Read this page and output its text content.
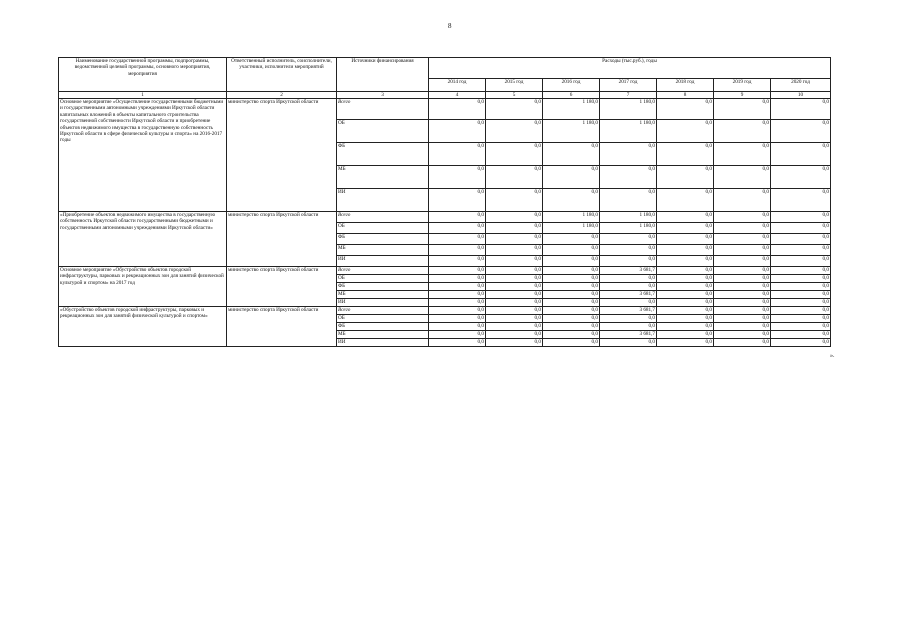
8
Наименование государственной программы, подпрограммы, ведомственной целевой программы, основного мероприятия, мероприятия	Ответственный исполнитель, соисполнители, участники, исполнители мероприятий	Источники финансирования	Расходы (тыс.руб.), годы						
			2014 год	2015 год	2016 год	2017 год	2018 год	2019 год	2020 год
1	2	3	4	5	6	7	8	9	10
Основное мероприятие «Осуществление государственными бюджетными и государственными автономными учреждениями Иркутской области капитальных вложений в объекты капитального строительства государственной собственности Иркутской области и приобретение объектов недвижимого имущества в государственную собственность Иркутской области в сфере физической культуры и спорта» на 2016-2017 годы	министерство спорта Иркутской области	Всего	0,0	0,0	1 180,0	1 180,0	0,0	0,0	0,0
		ОБ	0,0	0,0	1 180,0	1 180,0	0,0	0,0	0,0
		ФБ	0,0	0,0	0,0	0,0	0,0	0,0	0,0
		МБ	0,0	0,0	0,0	0,0	0,0	0,0	0,0
		ИИ	0,0	0,0	0,0	0,0	0,0	0,0	0,0
«Приобретение объектов недвижимого имущества в государственную собственность Иркутской области государственными бюджетными и государственными автономными учреждениями Иркутской области»	министерство спорта Иркутской области	Всего	0,0	0,0	1 180,0	1 180,0	0,0	0,0	0,0
		ОБ	0,0	0,0	1 180,0	1 180,0	0,0	0,0	0,0
		ФБ	0,0	0,0	0,0	0,0	0,0	0,0	0,0
		МБ	0,0	0,0	0,0	0,0	0,0	0,0	0,0
		ИИ	0,0	0,0	0,0	0,0	0,0	0,0	0,0
Основное мероприятие «Обустройство объектов городской инфраструктуры, парковых и рекреационных зон для занятий физической культурой и спортом» на 2017 год	министерство спорта Иркутской области	Всего	0,0	0,0	0,0	3 681,7	0,0	0,0	0,0
		ОБ	0,0	0,0	0,0	0,0	0,0	0,0	0,0
		ФБ	0,0	0,0	0,0	0,0	0,0	0,0	0,0
		МБ	0,0	0,0	0,0	3 681,7	0,0	0,0	0,0
		ИИ	0,0	0,0	0,0	0,0	0,0	0,0	0,0
«Обустройство объектов городской инфраструктуры, парковых и рекреационных зон для занятий физической культурой и спортом»	министерство спорта Иркутской области	Всего	0,0	0,0	0,0	3 681,7	0,0	0,0	0,0
		ОБ	0,0	0,0	0,0	0,0	0,0	0,0	0,0
		ФБ	0,0	0,0	0,0	0,0	0,0	0,0	0,0
		МБ	0,0	0,0	0,0	3 681,7	0,0	0,0	0,0
		ИИ	0,0	0,0	0,0	0,0	0,0	0,0	0,0
».
